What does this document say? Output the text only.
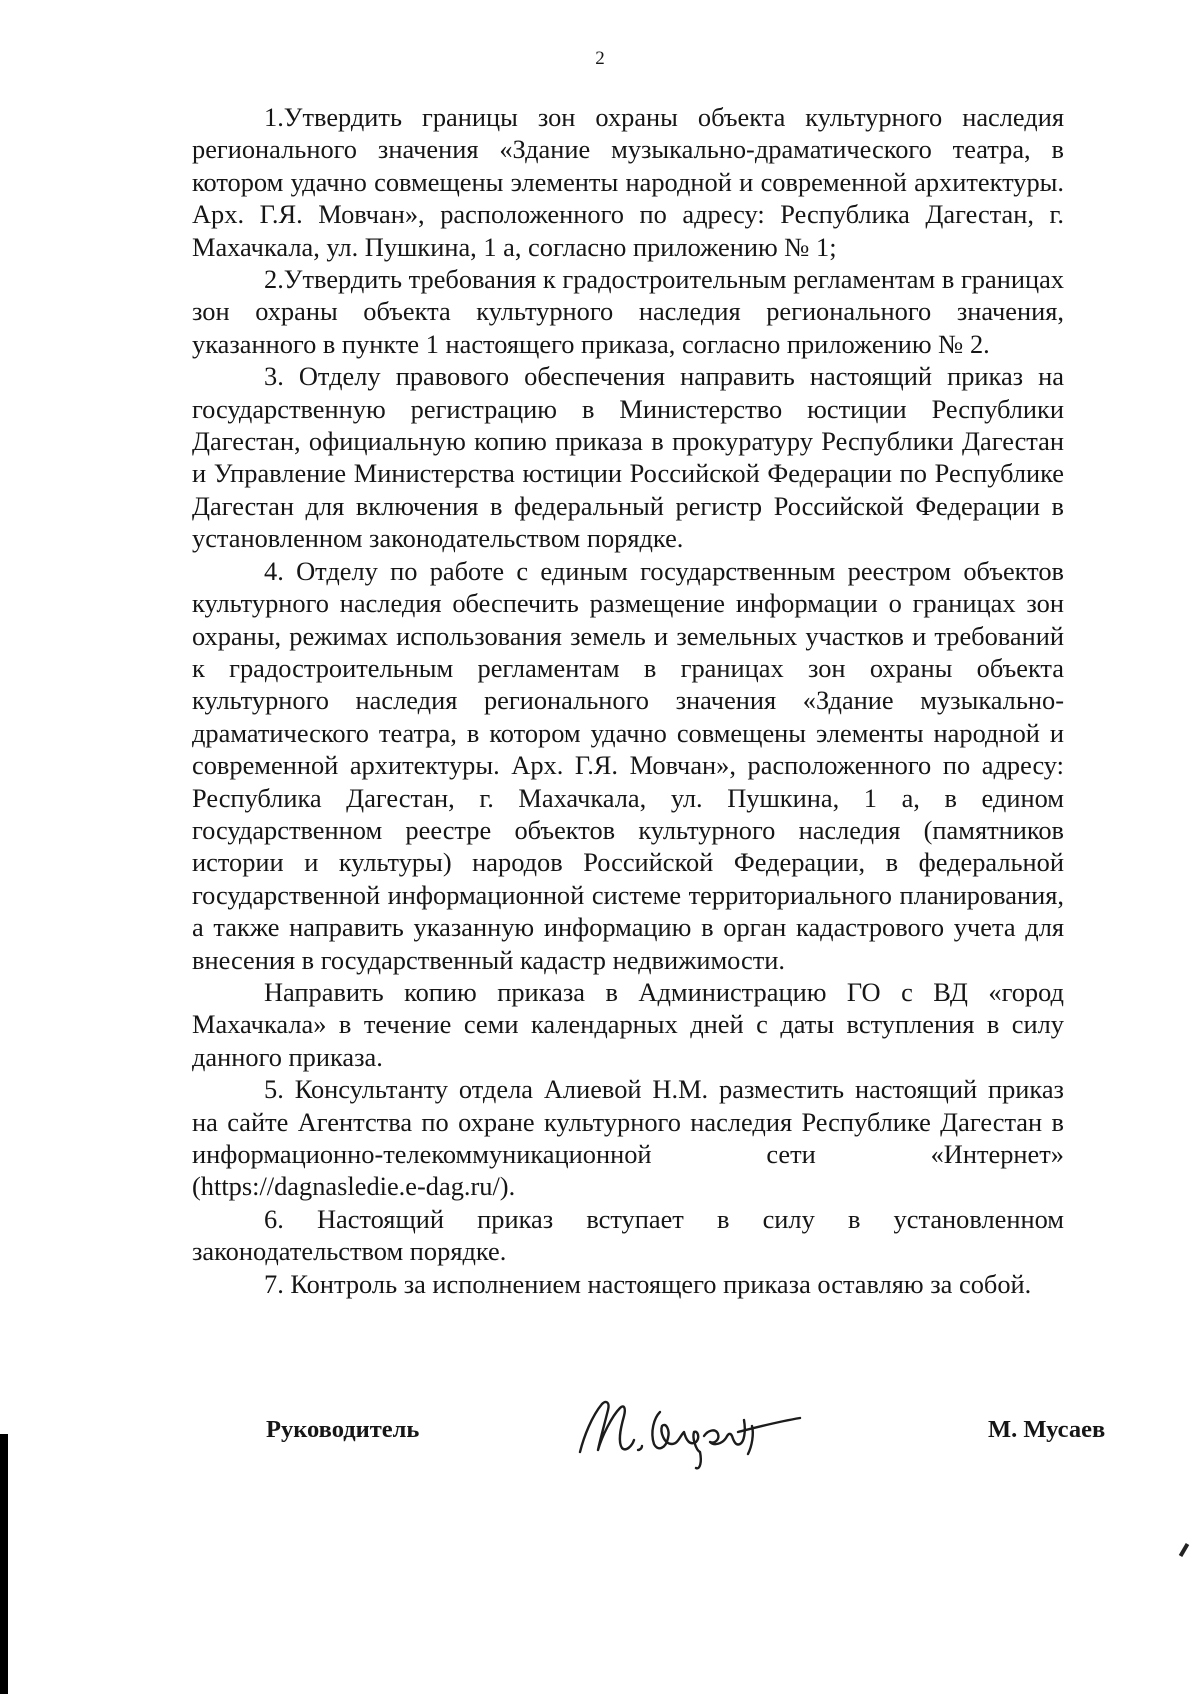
2

1.Утвердить границы зон охраны объекта культурного наследия регионального значения «Здание музыкально-драматического театра, в котором удачно совмещены элементы народной и современной архитектуры. Арх. Г.Я. Мовчан», расположенного по адресу: Республика Дагестан, г. Махачкала, ул. Пушкина, 1 а, согласно приложению № 1;

2.Утвердить требования к градостроительным регламентам в границах зон охраны объекта культурного наследия регионального значения, указанного в пункте 1 настоящего приказа, согласно приложению № 2.

3. Отделу правового обеспечения направить настоящий приказ на государственную регистрацию в Министерство юстиции Республики Дагестан, официальную копию приказа в прокуратуру Республики Дагестан и Управление Министерства юстиции Российской Федерации по Республике Дагестан для включения в федеральный регистр Российской Федерации в установленном законодательством порядке.

4. Отделу по работе с единым государственным реестром объектов культурного наследия обеспечить размещение информации о границах зон охраны, режимах использования земель и земельных участков и требований к градостроительным регламентам в границах зон охраны объекта культурного наследия регионального значения «Здание музыкально-драматического театра, в котором удачно совмещены элементы народной и современной архитектуры. Арх. Г.Я. Мовчан», расположенного по адресу: Республика Дагестан, г. Махачкала, ул. Пушкина, 1 а, в едином государственном реестре объектов культурного наследия (памятников истории и культуры) народов Российской Федерации, в федеральной государственной информационной системе территориального планирования, а также направить указанную информацию в орган кадастрового учета для внесения в государственный кадастр недвижимости.

Направить копию приказа в Администрацию ГО с ВД «город Махачкала» в течение семи календарных дней с даты вступления в силу данного приказа.

5. Консультанту отдела Алиевой Н.М. разместить настоящий приказ на сайте Агентства по охране культурного наследия Республике Дагестан в информационно-телекоммуникационной сети «Интернет» (https://dagnasledie.e-dag.ru/).

6. Настоящий приказ вступает в силу в установленном законодательством порядке.

7. Контроль за исполнением настоящего приказа оставляю за собой.

Руководитель	М. Мусаев
